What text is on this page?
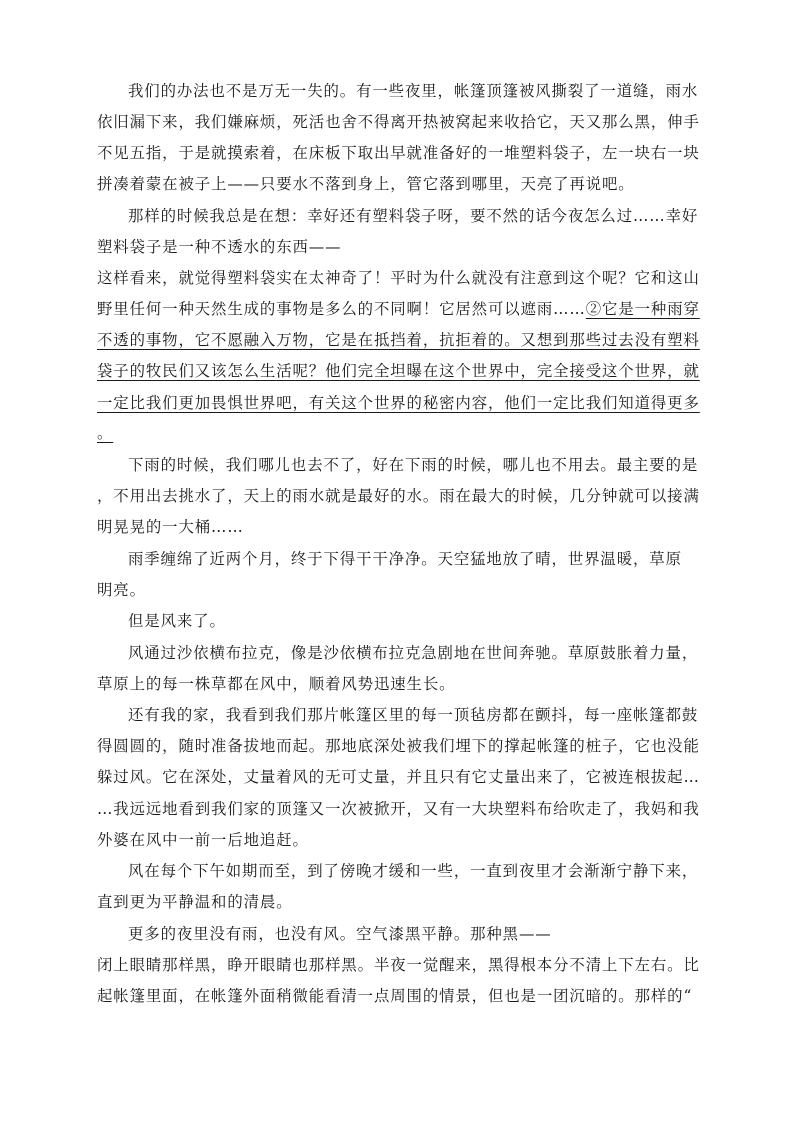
我们的办法也不是万无一失的。有一些夜里，帐篷顶篷被风撕裂了一道缝，雨水
依旧漏下来，我们嫌麻烦，死活也舍不得离开热被窝起来收拾它，天又那么黑，伸手
不见五指，于是就摸索着，在床板下取出早就准备好的一堆塑料袋子，左一块右一块
拼凑着蒙在被子上——只要水不落到身上，管它落到哪里，天亮了再说吧。
那样的时候我总是在想：幸好还有塑料袋子呀，要不然的话今夜怎么过……幸好
塑料袋子是一种不透水的东西——
这样看来，就觉得塑料袋实在太神奇了！平时为什么就没有注意到这个呢？它和这山
野里任何一种天然生成的事物是多么的不同啊！它居然可以遮雨……②它是一种雨穿
不透的事物，它不愿融入万物，它是在抵挡着，抗拒着的。又想到那些过去没有塑料
袋子的牧民们又该怎么生活呢？他们完全坦曝在这个世界中，完全接受这个世界，就
一定比我们更加畏惧世界吧，有关这个世界的秘密内容，他们一定比我们知道得更多
。
下雨的时候，我们哪儿也去不了，好在下雨的时候，哪儿也不用去。最主要的是
，不用出去挑水了，天上的雨水就是最好的水。雨在最大的时候，几分钟就可以接满
明晃晃的一大桶……
雨季缠绵了近两个月，终于下得干干净净。天空猛地放了晴，世界温暖，草原
明亮。
但是风来了。
风通过沙依横布拉克，像是沙依横布拉克急剧地在世间奔驰。草原鼓胀着力量，
草原上的每一株草都在风中，顺着风势迅速生长。
还有我的家，我看到我们那片帐篷区里的每一顶毡房都在颤抖，每一座帐篷都鼓
得圆圆的，随时准备拔地而起。那地底深处被我们埋下的撑起帐篷的桩子，它也没能
躲过风。它在深处，丈量着风的无可丈量，并且只有它丈量出来了，它被连根拔起…
…我远远地看到我们家的顶篷又一次被掀开，又有一大块塑料布给吹走了，我妈和我
外婆在风中一前一后地追赶。
风在每个下午如期而至，到了傍晚才缓和一些，一直到夜里才会渐渐宁静下来，
直到更为平静温和的清晨。
更多的夜里没有雨，也没有风。空气漆黑平静。那种黑——
闭上眼睛那样黑，睁开眼睛也那样黑。半夜一觉醒来，黑得根本分不清上下左右。比
起帐篷里面，在帐篷外面稍微能看清一点周围的情景，但也是一团沉暗的。那样的“
